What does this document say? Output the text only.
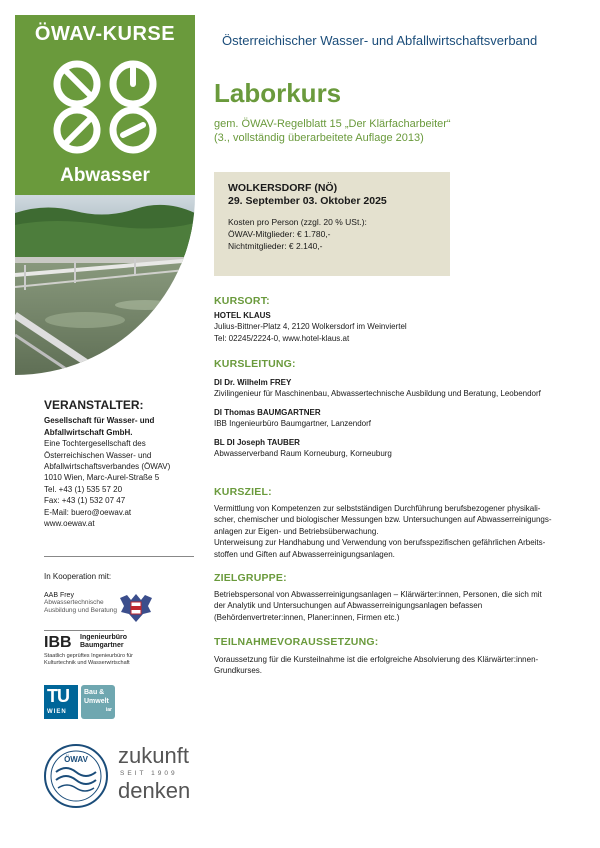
ÖWAV-KURSE
Abwasser
VERANSTALTER:
Gesellschaft für Wasser- und
Abfallwirtschaft GmbH.
Eine Tochtergesellschaft des
Österreichischen Wasser- und
Abfallwirtschaftsverbandes (ÖWAV)
1010 Wien, Marc-Aurel-Straße 5
Tel. +43 (1) 535 57 20
Fax: +43 (1) 532 07 47
E-Mail: buero@oewav.at
www.oewav.at
In Kooperation mit:
AAB Frey
Abwassertechnische
Ausbildung und Beratung
IBB	Ingenieurbüro
Baumgartner
Staatlich geprüftes Ingenieurbüro für
Kulturtechnik und Wasserwirtschaft
TU
WIEN
Bau &
Umwelt
iar
ÖWAV zukunft
SEIT 1909
denken
Österreichischer Wasser- und Abfallwirtschaftsverband
Laborkurs
gem. ÖWAV-Regelblatt 15 „Der Klärfacharbeiter“
(3., vollständig überarbeitete Auflage 2013)
WOLKERSDORF (NÖ)
29. September 03. Oktober 2025
Kosten pro Person (zzgl. 20 % USt.):
ÖWAV-Mitglieder: € 1.780,-
Nichtmitglieder: € 2.140,-
KURSORT:
HOTEL KLAUS
Julius-Bittner-Platz 4, 2120 Wolkersdorf im Weinviertel
Tel: 02245/2224-0, www.hotel-klaus.at
KURSLEITUNG:
DI Dr. Wilhelm FREY
Zivilingenieur für Maschinenbau, Abwassertechnische Ausbildung und Beratung, Leobendorf
DI Thomas BAUMGARTNER
IBB Ingenieurbüro Baumgartner, Lanzendorf
BL DI Joseph TAUBER
Abwasserverband Raum Korneuburg, Korneuburg
KURSZIEL:
Vermittlung von Kompetenzen zur selbstständigen Durchführung berufsbezogener physikali-
scher, chemischer und biologischer Messungen bzw. Untersuchungen auf Abwasserreinigungs-
anlagen zur Eigen- und Betriebsüberwachung.
Unterweisung zur Handhabung und Verwendung von berufsspezifischen gefährlichen Arbeits-
stoffen und Giften auf Abwasserreinigungsanlagen.
ZIELGRUPPE:
Betriebspersonal von Abwasserreinigungsanlagen – Klärwärter:innen, Personen, die sich mit
der Analytik und Untersuchungen auf Abwasserreinigungsanlagen befassen
(Behördenvertreter:innen, Planer:innen, Firmen etc.)
TEILNAHMEVORAUSSETZUNG:
Voraussetzung für die Kursteilnahme ist die erfolgreiche Absolvierung des Klärwärter:innen-
Grundkurses.
